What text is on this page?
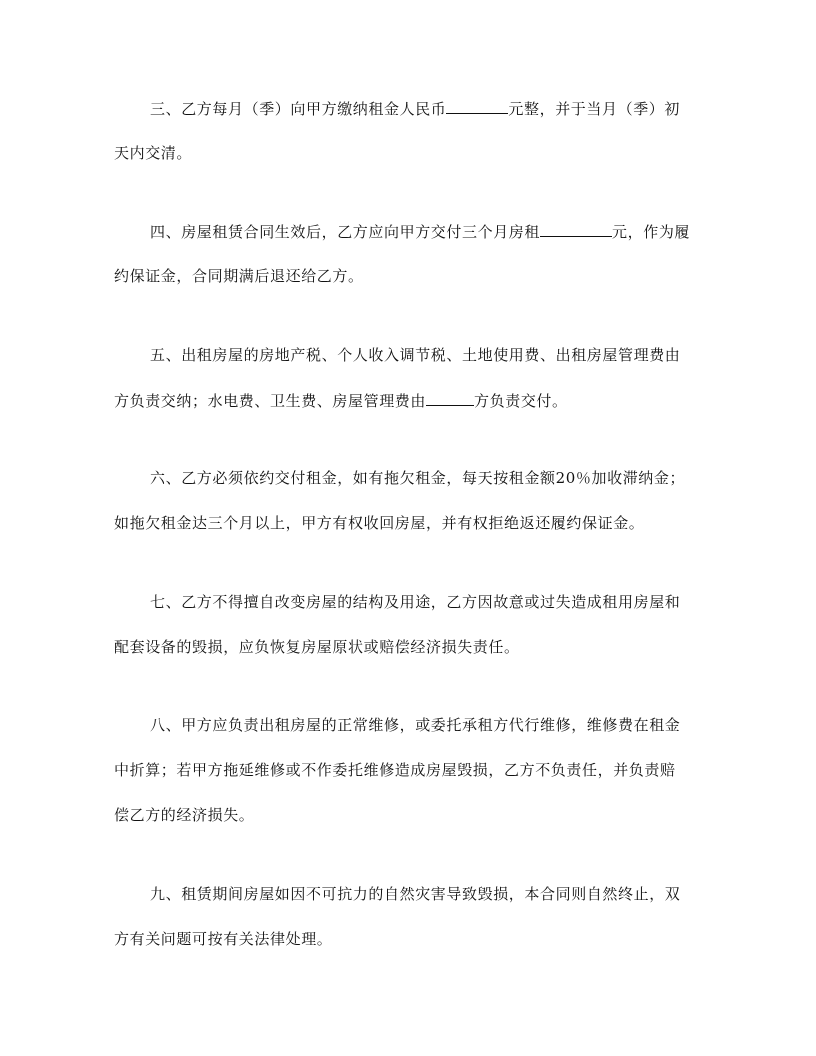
三、乙方每月（季）向甲方缴纳租金人民币	元整，并于当月（季）初
天内交清。
四、房屋租赁合同生效后，乙方应向甲方交付三个月房租	元，作为履
约保证金，合同期满后退还给乙方。
五、出租房屋的房地产税、个人收入调节税、土地使用费、出租房屋管理费由
方负责交纳；水电费、卫生费、房屋管理费由	方负责交付。
六、乙方必须依约交付租金，如有拖欠租金，每天按租金额20％加收滞纳金；
如拖欠租金达三个月以上，甲方有权收回房屋，并有权拒绝返还履约保证金。
七、乙方不得擅自改变房屋的结构及用途，乙方因故意或过失造成租用房屋和
配套设备的毁损，应负恢复房屋原状或赔偿经济损失责任。
八、甲方应负责出租房屋的正常维修，或委托承租方代行维修，维修费在租金
中折算；若甲方拖延维修或不作委托维修造成房屋毁损，乙方不负责任，并负责赔
偿乙方的经济损失。
九、租赁期间房屋如因不可抗力的自然灾害导致毁损，本合同则自然终止，双
方有关问题可按有关法律处理。
